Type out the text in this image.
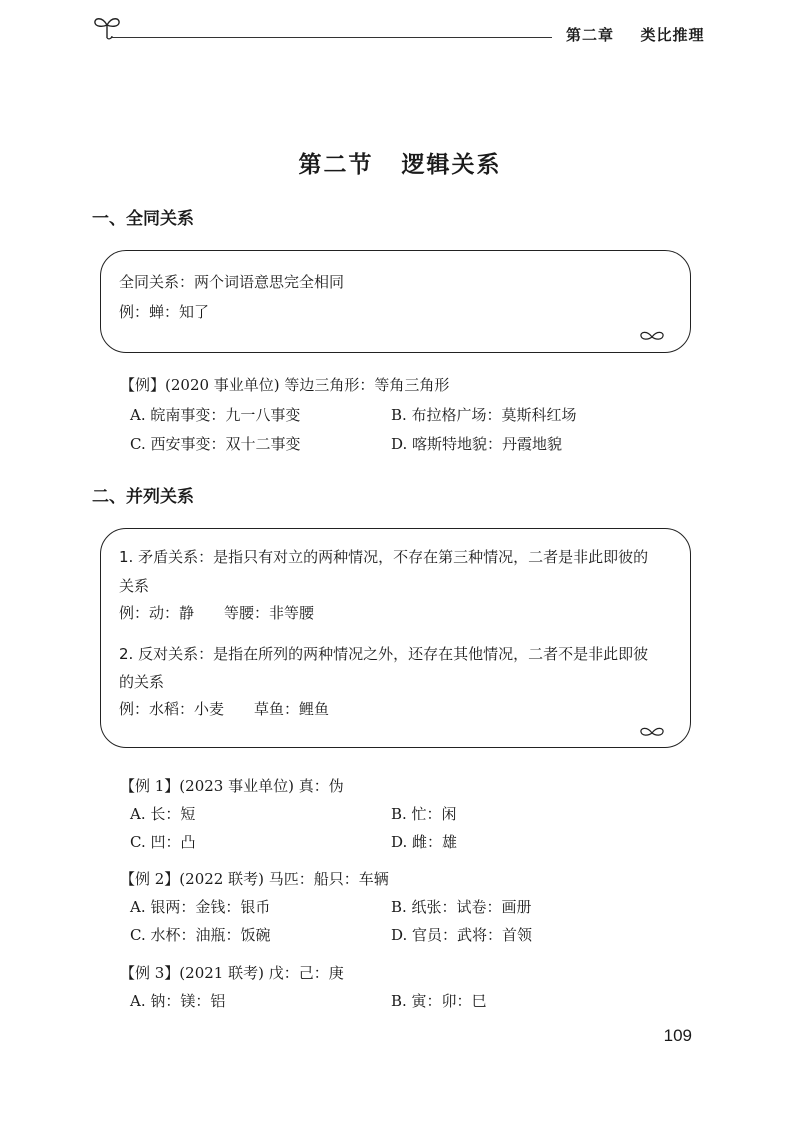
第二章 类比推理
第二节 逻辑关系
一、全同关系
全同关系：两个词语意思完全相同
例：蝉：知了
【例】(2020 事业单位) 等边三角形：等角三角形
A. 皖南事变：九一八事变	B. 布拉格广场：莫斯科红场
C. 西安事变：双十二事变	D. 喀斯特地貌：丹霞地貌
二、并列关系
1. 矛盾关系：是指只有对立的两种情况，不存在第三种情况，二者是非此即彼的
关系
例：动：静　　等腰：非等腰
2. 反对关系：是指在所列的两种情况之外，还存在其他情况，二者不是非此即彼
的关系
例：水稻：小麦　　草鱼：鲤鱼
【例 1】(2023 事业单位) 真：伪
A. 长：短	B. 忙：闲
C. 凹：凸	D. 雌：雄
【例 2】(2022 联考) 马匹：船只：车辆
A. 银两：金钱：银币	B. 纸张：试卷：画册
C. 水杯：油瓶：饭碗	D. 官员：武将：首领
【例 3】(2021 联考) 戊：己：庚
A. 钠：镁：铝	B. 寅：卯：巳
109
